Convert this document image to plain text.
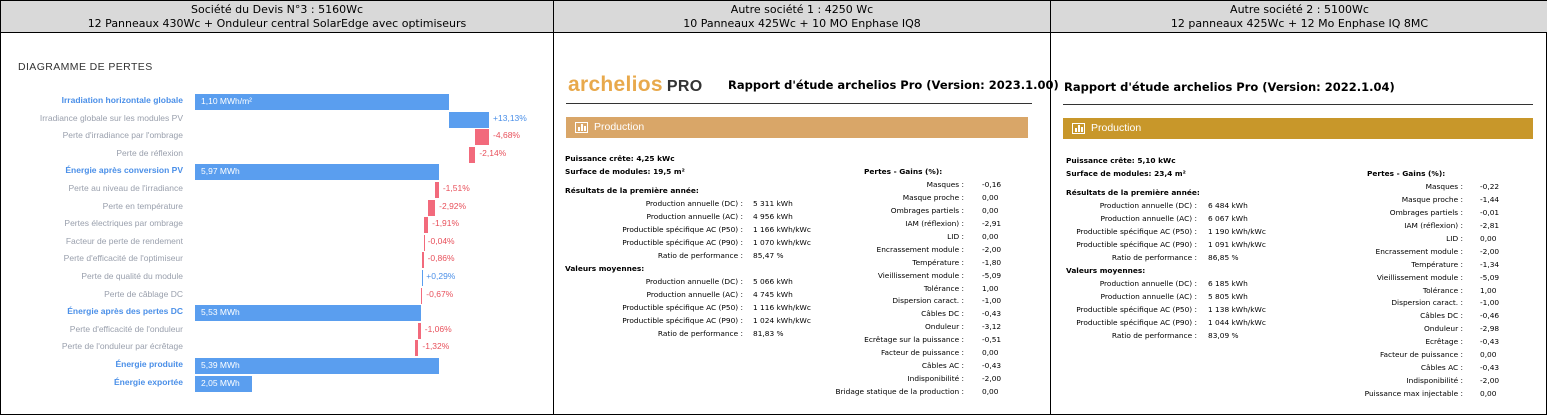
Société du Devis N°3 : 5160Wc
12 Panneaux 430Wc + Onduleur central SolarEdge avec optimiseurs
DIAGRAMME DE PERTES
Irradiation horizontale globale 1,10 MWh/m²
Irradiance globale sur les modules PV	+13,13%
Perte d'irradiance par l'ombrage	-4,68%
Perte de réflexion	-2,14%
Énergie après conversion PV 5,97 MWh
Perte au niveau de l'irradiance	-1,51%
Perte en température	-2,92%
Pertes électriques par ombrage	-1,91%
Facteur de perte de rendement	-0,04%
Perte d'efficacité de l'optimiseur	-0,86%
Perte de qualité du module	+0,29%
Perte de câblage DC	-0,67%
Énergie après des pertes DC 5,53 MWh
Perte d'efficacité de l'onduleur	-1,06%
Perte de l'onduleur par écrêtage	-1,32%
Énergie produite 5,39 MWh
Énergie exportée 2,05 MWh
Autre société 1 : 4250 Wc
10 Panneaux 425Wc + 10 MO Enphase IQ8
archelios PRO Rapport d'étude archelios Pro (Version: 2023.1.00)
Production
Puissance crête: 4,25 kWc
Surface de modules: 19,5 m²
Résultats de la première année:
Production annuelle (DC) : 5 311 kWh
Production annuelle (AC) : 4 956 kWh
Productible spécifique AC (P50) : 1 166 kWh/kWc
Productible spécifique AC (P90) : 1 070 kWh/kWc
Ratio de performance : 85,47 %
Valeurs moyennes:
Production annuelle (DC) : 5 066 kWh
Production annuelle (AC) : 4 745 kWh
Productible spécifique AC (P50) : 1 116 kWh/kWc
Productible spécifique AC (P90) : 1 024 kWh/kWc
Ratio de performance : 81,83 %
Pertes - Gains (%):
Masques : -0,16
Masque proche : 0,00
Ombrages partiels : 0,00
IAM (réflexion) : -2,91
LID : 0,00
Encrassement module : -2,00
Température : -1,80
Vieillissement module : -5,09
Tolérance : 1,00
Dispersion caract. : -1,00
Câbles DC : -0,43
Onduleur : -3,12
Ecrêtage sur la puissance : -0,51
Facteur de puissance : 0,00
Câbles AC : -0,43
Indisponibilité : -2,00
Bridage statique de la production : 0,00
Autre société 2 : 5100Wc
12 panneaux 425Wc + 12 Mo Enphase IQ 8MC
Rapport d'étude archelios Pro (Version: 2022.1.04)
Production
Puissance crête: 5,10 kWc
Surface de modules: 23,4 m²
Résultats de la première année:
Production annuelle (DC) : 6 484 kWh
Production annuelle (AC) : 6 067 kWh
Productible spécifique AC (P50) : 1 190 kWh/kWc
Productible spécifique AC (P90) : 1 091 kWh/kWc
Ratio de performance : 86,85 %
Valeurs moyennes:
Production annuelle (DC) : 6 185 kWh
Production annuelle (AC) : 5 805 kWh
Productible spécifique AC (P50) : 1 138 kWh/kWc
Productible spécifique AC (P90) : 1 044 kWh/kWc
Ratio de performance : 83,09 %
Pertes - Gains (%):
Masques : -0,22
Masque proche : -1,44
Ombrages partiels : -0,01
IAM (réflexion) : -2,81
LID : 0,00
Encrassement module : -2,00
Température : -1,34
Vieillissement module : -5,09
Tolérance : 1,00
Dispersion caract. : -1,00
Câbles DC : -0,46
Onduleur : -2,98
Ecrêtage : -0,43
Facteur de puissance : 0,00
Câbles AC : -0,43
Indisponibilité : -2,00
Puissance max injectable : 0,00
